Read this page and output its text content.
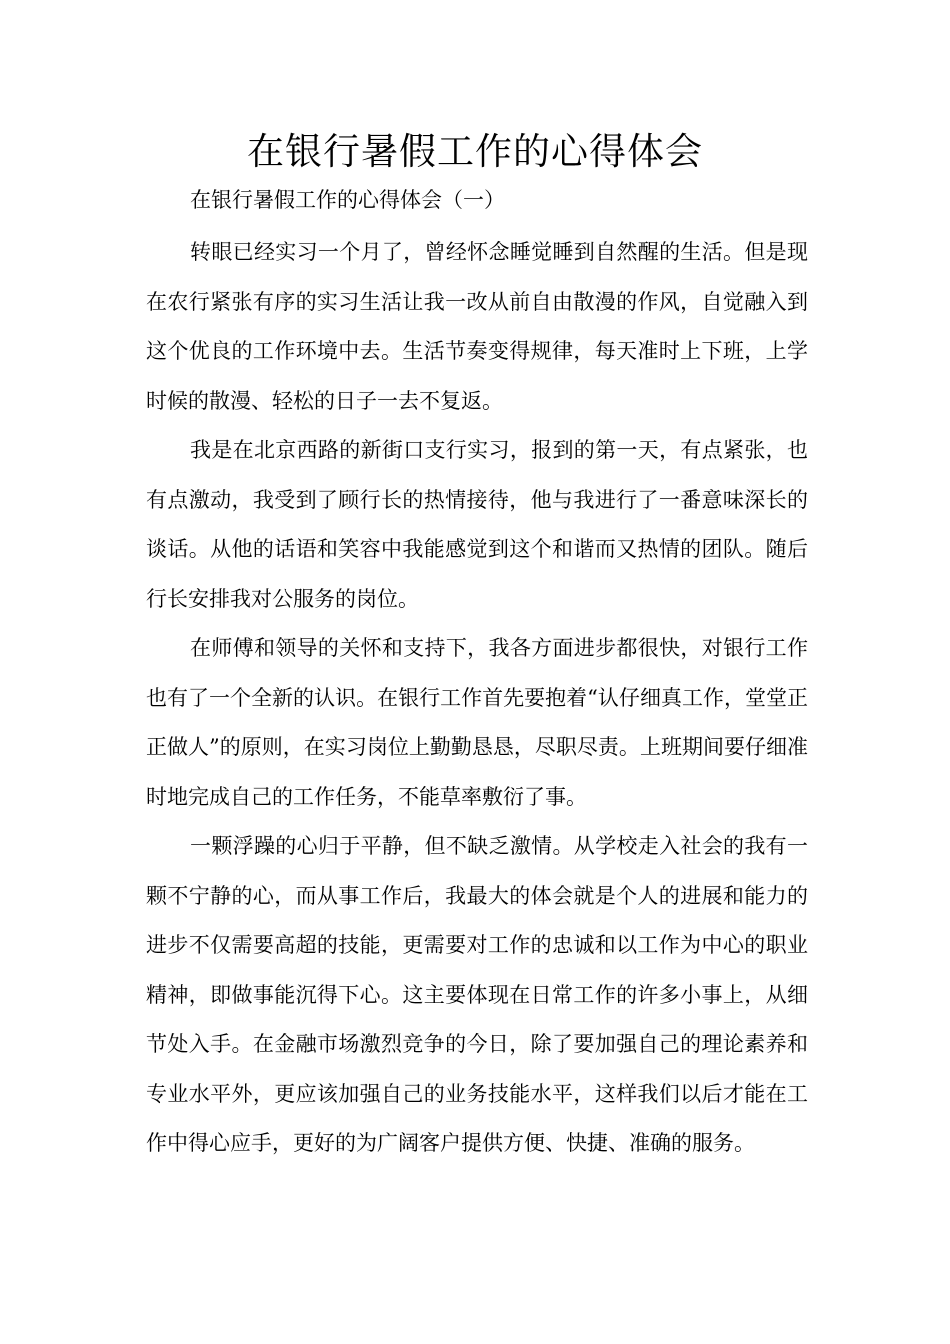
在银行暑假工作的心得体会

在银行暑假工作的心得体会（一）

转眼已经实习一个月了，曾经怀念睡觉睡到自然醒的生活。但是现在农行紧张有序的实习生活让我一改从前自由散漫的作风，自觉融入到这个优良的工作环境中去。生活节奏变得规律，每天准时上下班，上学时候的散漫、轻松的日子一去不复返。

我是在北京西路的新街口支行实习，报到的第一天，有点紧张，也有点激动，我受到了顾行长的热情接待，他与我进行了一番意味深长的谈话。从他的话语和笑容中我能感觉到这个和谐而又热情的团队。随后行长安排我对公服务的岗位。

在师傅和领导的关怀和支持下，我各方面进步都很快，对银行工作也有了一个全新的认识。在银行工作首先要抱着“认仔细真工作，堂堂正正做人”的原则，在实习岗位上勤勤恳恳，尽职尽责。上班期间要仔细准时地完成自己的工作任务，不能草率敷衍了事。

一颗浮躁的心归于平静，但不缺乏激情。从学校走入社会的我有一颗不宁静的心，而从事工作后，我最大的体会就是个人的进展和能力的进步不仅需要高超的技能，更需要对工作的忠诚和以工作为中心的职业精神，即做事能沉得下心。这主要体现在日常工作的许多小事上，从细节处入手。在金融市场激烈竞争的今日，除了要加强自己的理论素养和专业水平外，更应该加强自己的业务技能水平，这样我们以后才能在工作中得心应手，更好的为广阔客户提供方便、快捷、准确的服务。
